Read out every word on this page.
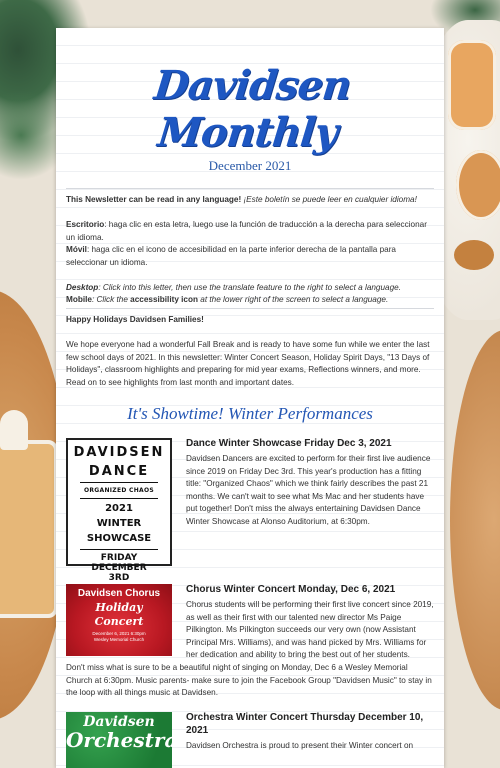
Davidsen Monthly
December 2021

This Newsletter can be read in any language! ¡Este boletín se puede leer en cualquier idioma!

Escritorio: haga clic en esta letra, luego use la función de traducción a la derecha para seleccionar un idioma.

Móvil: haga clic en el icono de accesibilidad en la parte inferior derecha de la pantalla para seleccionar un idioma.

Desktop: Click into this letter, then use the translate feature to the right to select a language.

Mobile: Click the accessibility icon at the lower right of the screen to select a language.

Happy Holidays Davidsen Families!

We hope everyone had a wonderful Fall Break and is ready to have some fun while we enter the last few school days of 2021. In this newsletter: Winter Concert Season, Holiday Spirit Days, "13 Days of Holidays", classroom highlights and preparing for mid year exams, Reflections winners, and more. Read on to see highlights from last month and important dates.

It's Showtime! Winter Performances
DAVIDSEN
DANCE
ORGANIZED CHAOS
2021
WINTER
SHOWCASE
FRIDAY
DECEMBER 3RD
Dance Winter Showcase Friday Dec 3, 2021
Davidsen Dancers are excited to perform for their first live audience since 2019 on Friday Dec 3rd. This year's production has a fitting title: "Organized Chaos" which we think fairly describes the past 21 months. We can't wait to see what Ms Mac and her students have put together! Don't miss the always entertaining Davidsen Dance Winter Showcase at Alonso Auditorium, at 6:30pm.
Davidsen Chorus
Holiday
Concert
December 6, 2021 6:30pm
Wesley Memorial Church
Chorus Winter Concert Monday, Dec 6, 2021
Chorus students will be performing their first live concert since 2019, as well as their first with our talented new director Ms Paige Pilkington. Ms Pilkington succeeds our very own (now Assistant Principal Mrs. Williams), and was hand picked by Mrs. Williams for her dedication and ability to bring the best out of her students.
Don't miss what is sure to be a beautiful night of singing on Monday, Dec 6 a Wesley Memorial Church at 6:30pm. Music parents- make sure to join the Facebook Group "Davidsen Music" to stay in the loop with all things music at Davidsen.
Davidsen
Orchestra
Orchestra Winter Concert Thursday December 10, 2021
Davidsen Orchestra is proud to present their Winter concert on
